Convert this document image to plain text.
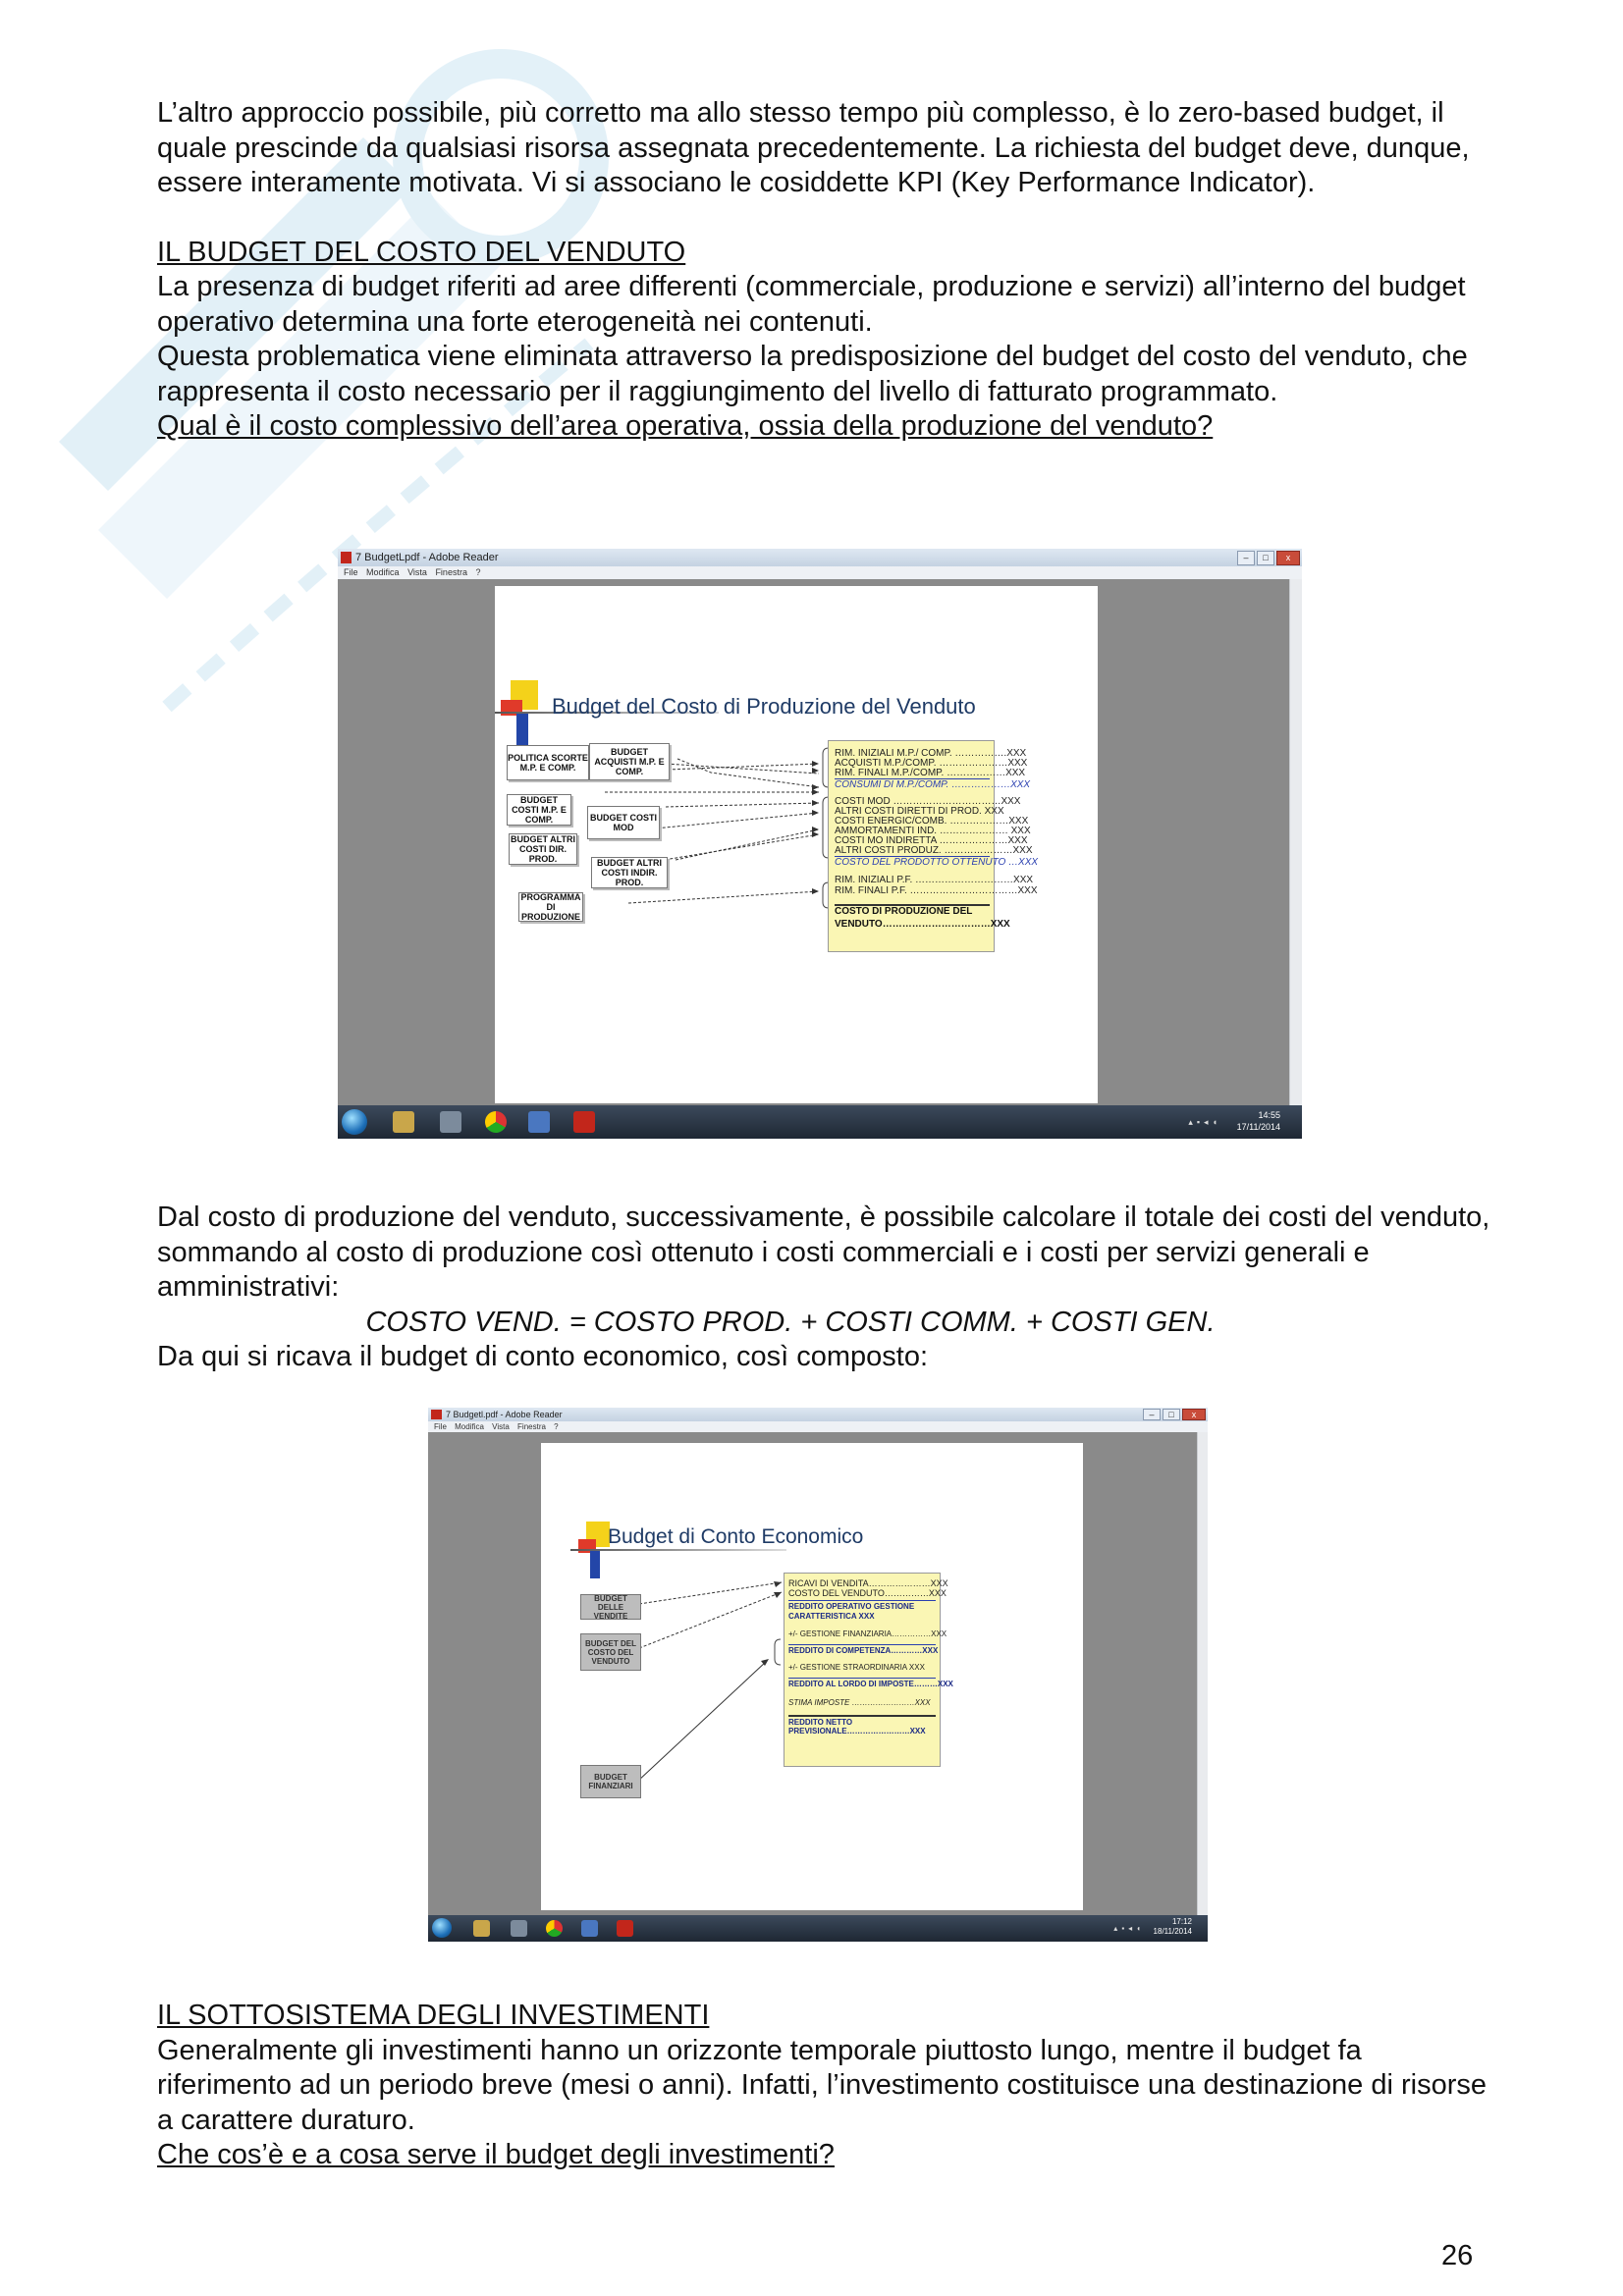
L’altro approccio possibile, più corretto ma allo stesso tempo più complesso, è lo zero-based budget, il quale prescinde da qualsiasi risorsa assegnata precedentemente. La richiesta del budget deve, dunque, essere interamente motivata. Vi si associano le cosiddette KPI (Key Performance Indicator).

IL BUDGET DEL COSTO DEL VENDUTO

La presenza di budget riferiti ad aree differenti (commerciale, produzione e servizi) all’interno del budget operativo determina una forte eterogeneità nei contenuti.

Questa problematica viene eliminata attraverso la predisposizione del budget del costo del venduto, che rappresenta il costo necessario per il raggiungimento del livello di fatturato programmato.

Qual è il costo complessivo dell’area operativa, ossia della produzione del venduto?

7 BudgetLpdf - Adobe Reader	–	□	x
File Modifica Vista Finestra ?
Budget del Costo di Produzione del Venduto
POLITICA SCORTE M.P. E COMP.
BUDGET ACQUISTI M.P. E COMP.
BUDGET COSTI M.P. E COMP.	BUDGET COSTI MOD
BUDGET ALTRI COSTI DIR. PROD.	BUDGET ALTRI COSTI INDIR. PROD.
PROGRAMMA DI PRODUZIONE
RIM. INIZIALI M.P./ COMP. …………….XXX
ACQUISTI M.P./COMP. …………………XXX
RIM. FINALI M.P./COMP. ………………XXX
CONSUMI DI M.P./COMP. ………………XXX
COSTI MOD ……………………………XXX
ALTRI COSTI DIRETTI DI PROD. XXX
COSTI ENERGIC/COMB. ………………XXX
AMMORTAMENTI IND. ………………… XXX
COSTI MO INDIRETTA …………………XXX
ALTRI COSTI PRODUZ. …………………XXX
COSTO DEL PRODOTTO OTTENUTO …XXX
RIM. INIZIALI P.F. …………………………XXX
RIM. FINALI P.F. ……………………………XXX
COSTO DI PRODUZIONE DEL
VENDUTO……………………………XXX
▴▪◂◖
14:55
17/11/2014

Dal costo di produzione del venduto, successivamente, è possibile calcolare il totale dei costi del venduto, sommando al costo di produzione così ottenuto i costi commerciali e i costi per servizi generali e amministrativi:

COSTO VEND. = COSTO PROD. + COSTI COMM. + COSTI GEN.

Da qui si ricava il budget di conto economico, così composto:

7 Budgetl.pdf - Adobe Reader	–	□	x
File Modifica Vista Finestra ?
Budget di Conto Economico
BUDGET DELLE VENDITE
BUDGET DEL COSTO DEL VENDUTO
BUDGET FINANZIARI
RICAVI DI VENDITA…………………XXX
COSTO DEL VENDUTO……………XXX
REDDITO OPERATIVO GESTIONE
CARATTERISTICA XXX
+/- GESTIONE FINANZIARIA……………XXX
REDDITO DI COMPETENZA…………XXX
+/- GESTIONE STRAORDINARIA XXX
REDDITO AL LORDO DI IMPOSTE………XXX
STIMA IMPOSTE ……………………XXX
REDDITO NETTO
PREVISIONALE……………………XXX
▴▪◂◖
17:12
18/11/2014

IL SOTTOSISTEMA DEGLI INVESTIMENTI

Generalmente gli investimenti hanno un orizzonte temporale piuttosto lungo, mentre il budget fa riferimento ad un periodo breve (mesi o anni). Infatti, l’investimento costituisce una destinazione di risorse a carattere duraturo.

Che cos’è e a cosa serve il budget degli investimenti?

26
